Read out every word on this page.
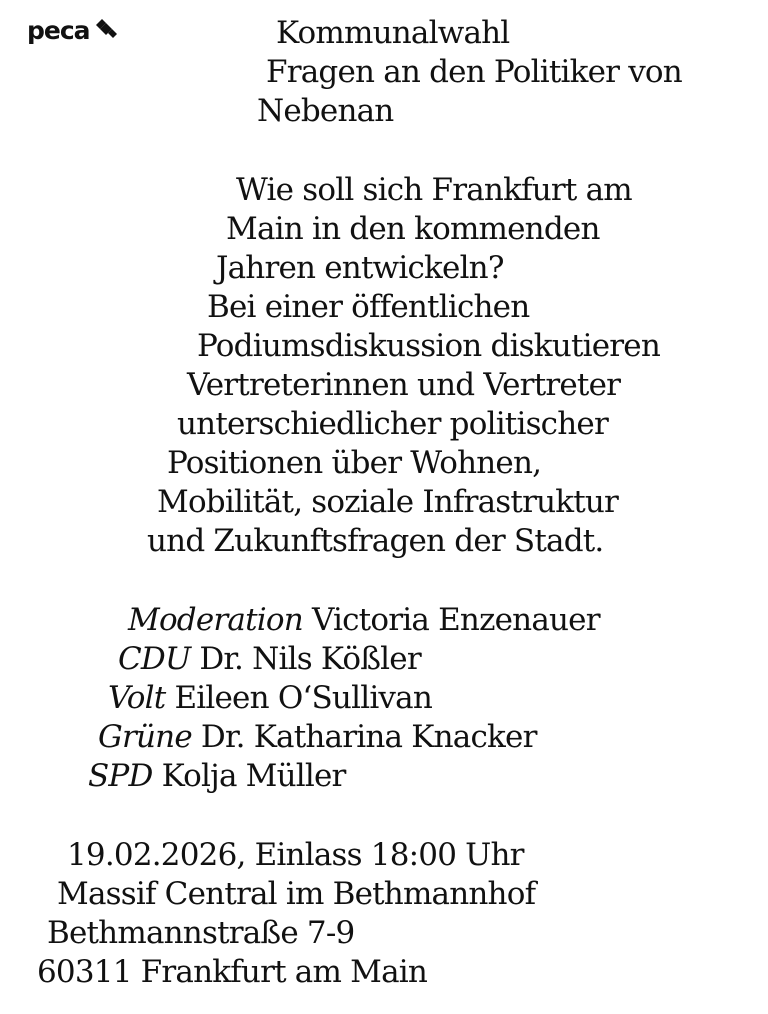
peca	Kommunalwahl
Fragen an den Politiker von
Nebenan
Wie soll sich Frankfurt am
Main in den kommenden
Jahren entwickeln?
Bei einer öffentlichen
Podiumsdiskussion diskutieren
Vertreterinnen und Vertreter
unterschiedlicher politischer
Positionen über Wohnen,
Mobilität, soziale Infrastruktur
und Zukunftsfragen der Stadt.
Moderation Victoria Enzenauer
CDU Dr. Nils Kößler
Volt Eileen O‘Sullivan
Grüne Dr. Katharina Knacker
SPD Kolja Müller
19.02.2026, Einlass 18:00 Uhr
Massif Central im Bethmannhof
Bethmannstraße 7-9
60311 Frankfurt am Main
